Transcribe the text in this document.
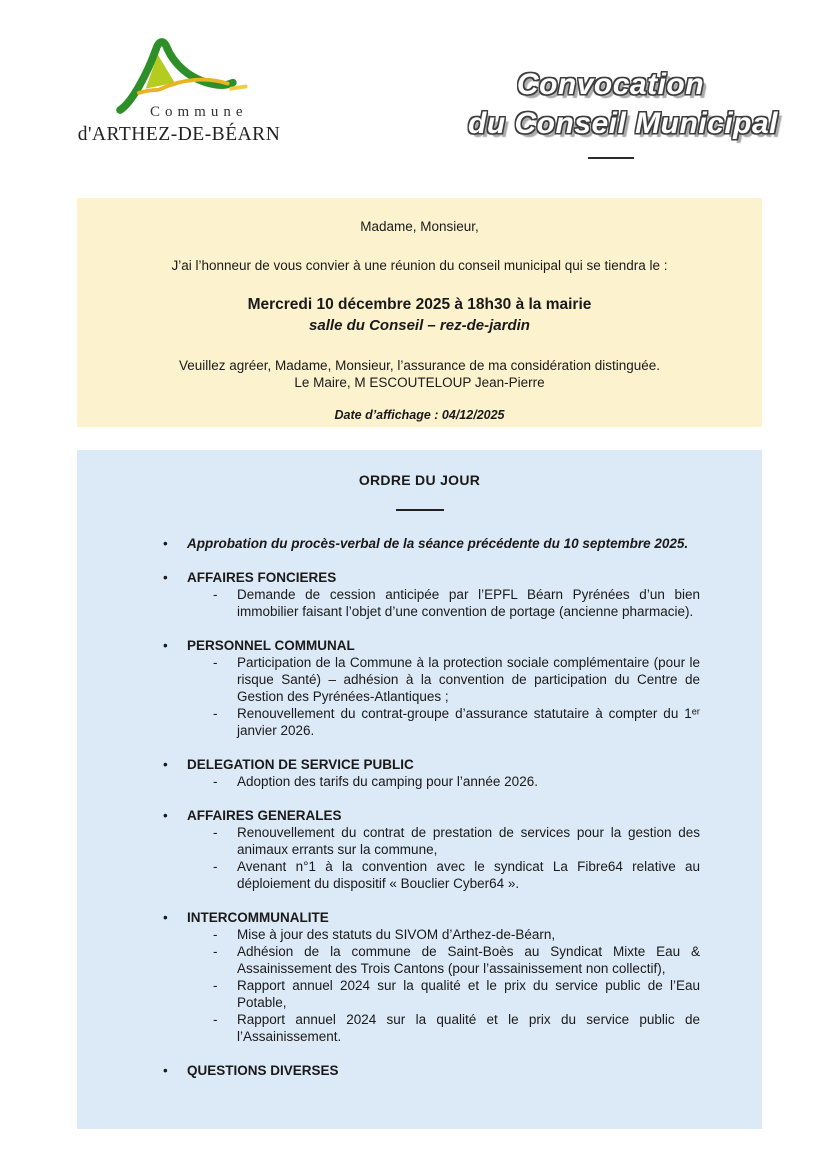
Commune
d'ARTHEZ-DE-BÉARN
Convocation
du Conseil Municipal
Madame, Monsieur,
J’ai l’honneur de vous convier à une réunion du conseil municipal qui se tiendra le :
Mercredi 10 décembre 2025 à 18h30 à la mairie
salle du Conseil – rez-de-jardin
Veuillez agréer, Madame, Monsieur, l’assurance de ma considération distinguée.
Le Maire, M ESCOUTELOUP Jean-Pierre
Date d’affichage : 04/12/2025
ORDRE DU JOUR
•	Approbation du procès-verbal de la séance précédente du 10 septembre 2025.
•	AFFAIRES FONCIERES
-	Demande de cession anticipée par l’EPFL Béarn Pyrénées d’un bien immobilier faisant l’objet d’une convention de portage (ancienne pharmacie).
•	PERSONNEL COMMUNAL
-	Participation de la Commune à la protection sociale complémentaire (pour le risque Santé) – adhésion à la convention de participation du Centre de Gestion des Pyrénées-Atlantiques ;
-	Renouvellement du contrat-groupe d’assurance statutaire à compter du 1ᵉʳ janvier 2026.
•	DELEGATION DE SERVICE PUBLIC
-	Adoption des tarifs du camping pour l’année 2026.
•	AFFAIRES GENERALES
-	Renouvellement du contrat de prestation de services pour la gestion des animaux errants sur la commune,
-	Avenant n°1 à la convention avec le syndicat La Fibre64 relative au déploiement du dispositif « Bouclier Cyber64 ».
•	INTERCOMMUNALITE
-	Mise à jour des statuts du SIVOM d’Arthez-de-Béarn,
-	Adhésion de la commune de Saint-Boès au Syndicat Mixte Eau & Assainissement des Trois Cantons (pour l’assainissement non collectif),
-	Rapport annuel 2024 sur la qualité et le prix du service public de l’Eau Potable,
-	Rapport annuel 2024 sur la qualité et le prix du service public de l’Assainissement.
•	QUESTIONS DIVERSES
